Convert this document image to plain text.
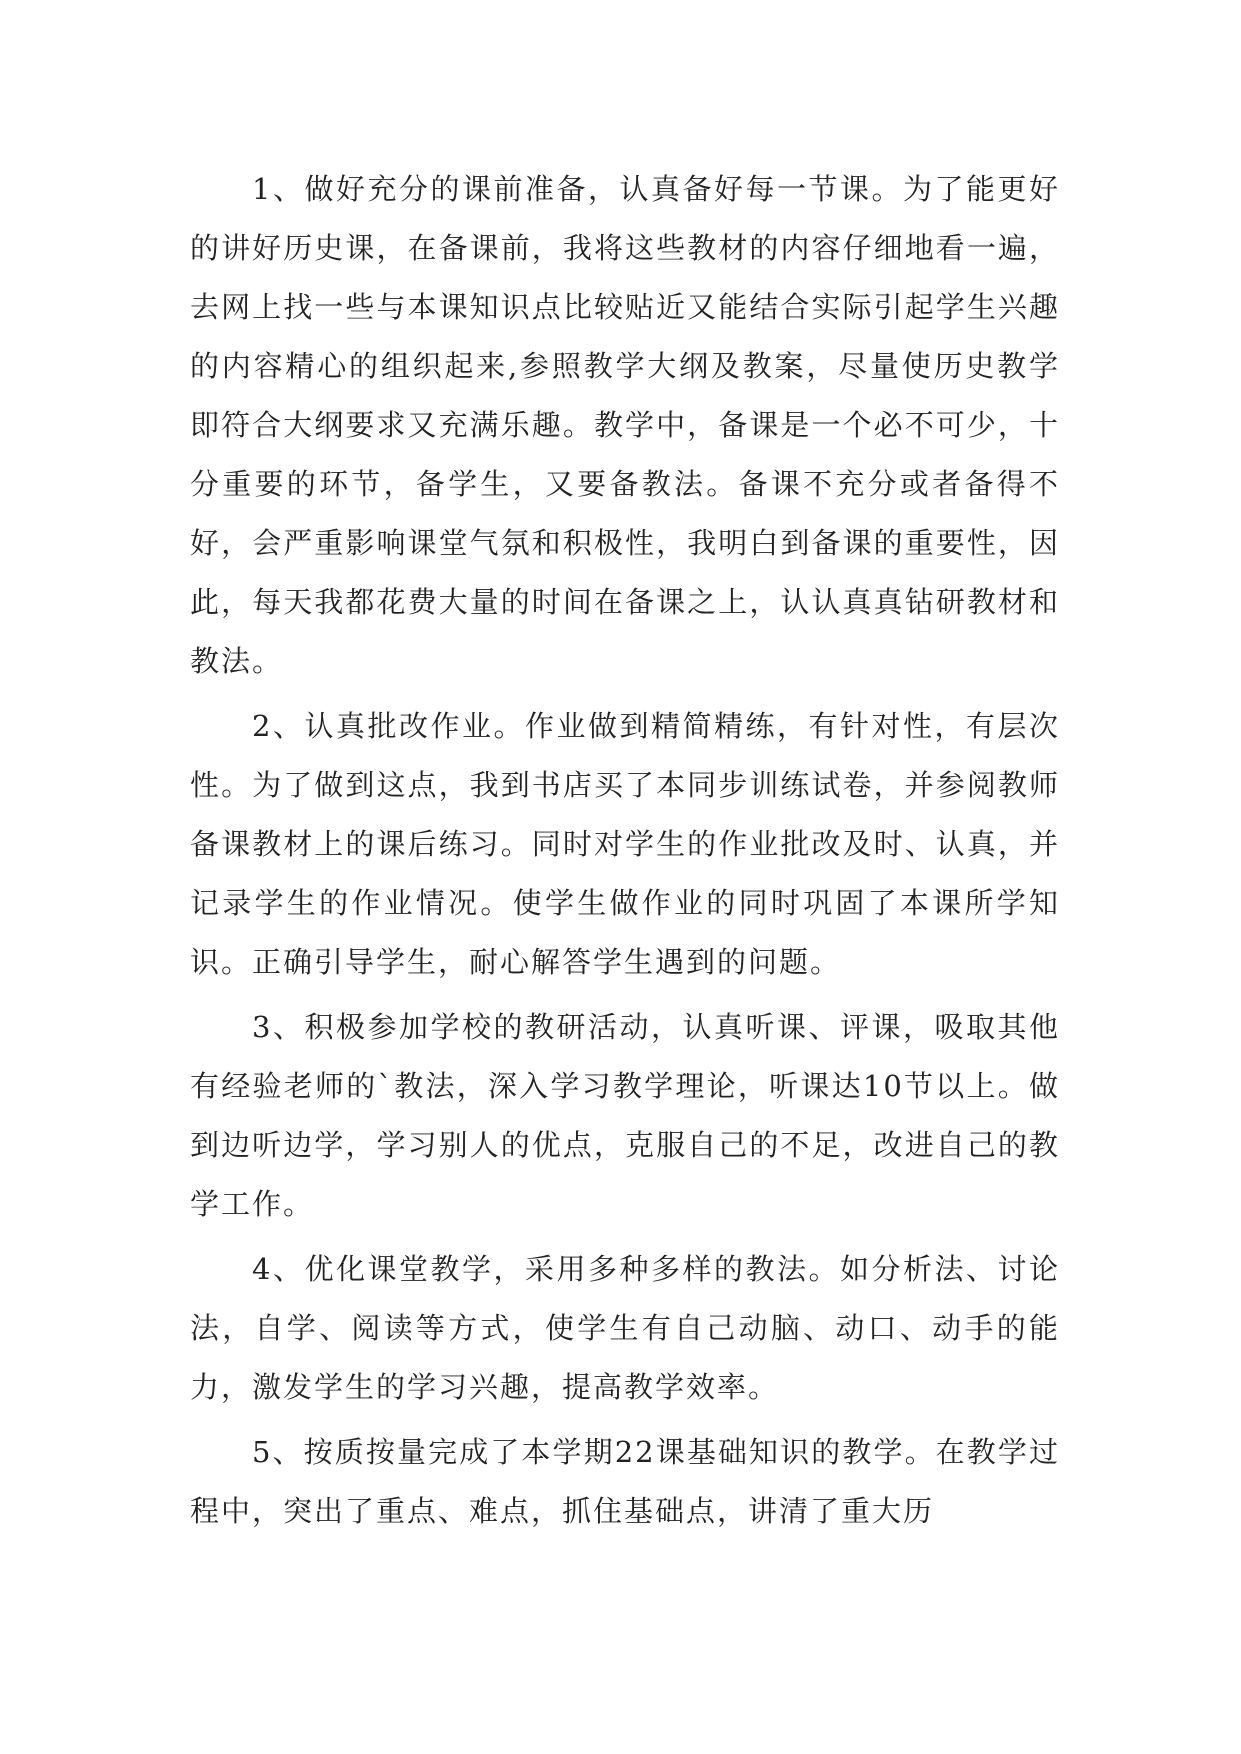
1、做好充分的课前准备，认真备好每一节课。为了能更好的讲好历史课，在备课前，我将这些教材的内容仔细地看一遍，去网上找一些与本课知识点比较贴近又能结合实际引起学生兴趣的内容精心的组织起来,参照教学大纲及教案，尽量使历史教学即符合大纲要求又充满乐趣。教学中，备课是一个必不可少，十分重要的环节，备学生，又要备教法。备课不充分或者备得不好，会严重影响课堂气氛和积极性，我明白到备课的重要性，因此，每天我都花费大量的时间在备课之上，认认真真钻研教材和教法。

2、认真批改作业。作业做到精简精练，有针对性，有层次性。为了做到这点，我到书店买了本同步训练试卷，并参阅教师备课教材上的课后练习。同时对学生的作业批改及时、认真，并记录学生的作业情况。使学生做作业的同时巩固了本课所学知识。正确引导学生，耐心解答学生遇到的问题。

3、积极参加学校的教研活动，认真听课、评课，吸取其他有经验老师的`教法，深入学习教学理论，听课达10节以上。做到边听边学，学习别人的优点，克服自己的不足，改进自己的教学工作。

4、优化课堂教学，采用多种多样的教法。如分析法、讨论法，自学、阅读等方式，使学生有自己动脑、动口、动手的能力，激发学生的学习兴趣，提高教学效率。

5、按质按量完成了本学期22课基础知识的教学。在教学过程中，突出了重点、难点，抓住基础点，讲清了重大历
